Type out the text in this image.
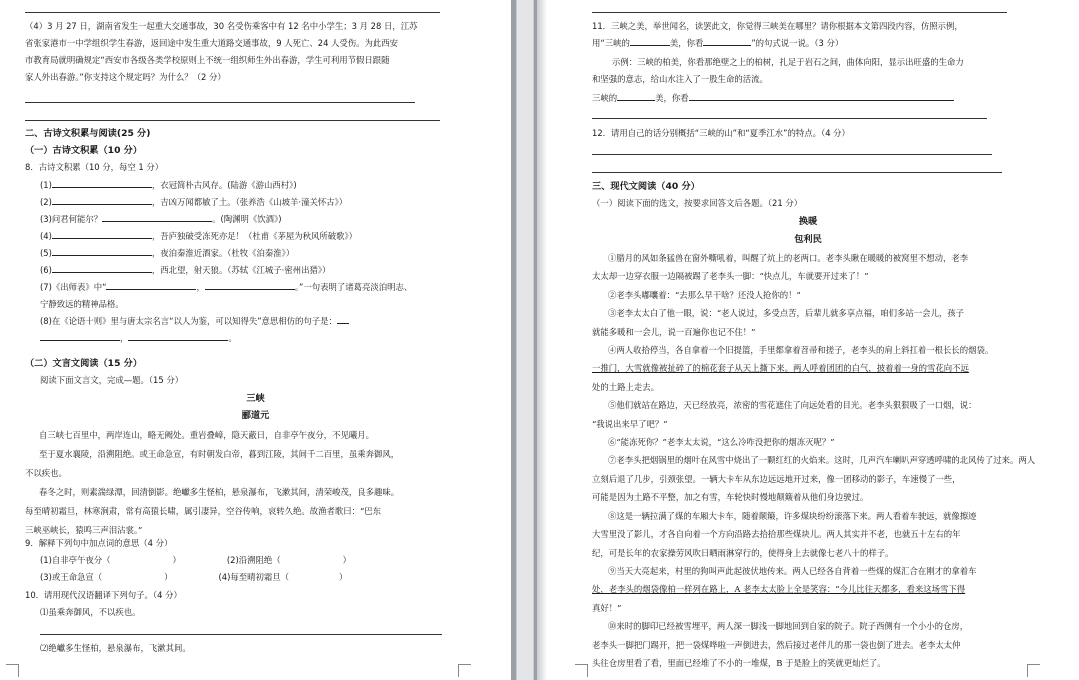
（4）3 月 27 日，湖南省发生一起重大交通事故，30 名受伤乘客中有 12 名中小学生；3 月 28 日，江苏
省张家港市一中学组织学生春游，返回途中发生重大道路交通事故，9 人死亡、24 人受伤。为此西安
市教育局就明确规定“西安市各级各类学校原则上不统一组织师生外出春游，学生可利用节假日跟随
家人外出春游。”你支持这个规定吗？为什么？（2 分）
二、古诗文积累与阅读(25 分)
（一）古诗文积累（10 分）
8．古诗文积累（10 分，每空 1 分）
(1)	，衣冠简朴古风存。(陆游《游山西村》)
(2)	，吉凶万闻都敏了土。（张养浩《山坡羊·潼关怀古》）
(3)问君何能尔？	。(陶渊明《饮酒》)
(4)	，吾庐独破受冻死亦足！（杜甫《茅屋为秋风所破歌》）
(5)	，夜泊秦淮近酒家。（杜牧《泊秦淮》）
(6)	，西北望，射天狼。（苏轼《江城子·密州出猎》）
(7)《出师表》中“	，	。”一句表明了诸葛亮淡泊明志、
宁静致远的精神品格。
(8)在《论语十则》里与唐太宗名言“以人为鉴，可以知得失”意思相仿的句子是：
，	。
（二）文言文阅读（15 分）
阅读下面文言文，完成—题。（15 分）
三峡
郦道元
自三峡七百里中，两岸连山，略无阙处。重岩叠嶂，隐天蔽日，自非亭午夜分，不见曦月。
至于夏水襄陵，沿溯阻绝。或王命急宣，有时朝发白帝，暮到江陵，其间千二百里，虽乘奔御风，
不以疾也。
春冬之时，则素湍绿潭，回清倒影。绝巘多生怪柏，悬泉瀑布，飞漱其间，清荣峻茂，良多趣味。
每至晴初霜旦，林寒涧肃，常有高猿长啸，属引凄异，空谷传响，哀转久绝。故渔者歌曰：“巴东
三峡巫峡长，猿鸣三声泪沾裳。”
9．解释下列句中加点词的意思（4 分）
(1)自非亭午夜分（	）	(2)沿溯阻绝（	）
(3)或王命急宣（	）	(4)每至晴初霜旦（	）
10．请用现代汉语翻译下列句子。（4 分）
⑴虽乘奔御风，不以疾也。
⑵绝巘多生怪柏，悬泉瀑布，飞漱其间。
11．三峡之美，举世闻名，读罢此文，你觉得三峡美在哪里？请你根据本文第四段内容，仿照示例，
用“三峡的	美，你看	”的句式说一说。（3 分）
示例：三峡的柏美，你看那绝壁之上的柏树，扎足于岩石之间，曲体向阳，显示出旺盛的生命力
和坚强的意志，给山水注入了一股生命的活流。
三峡的	美，你看
12．请用自己的话分别概括“三峡的山”和“夏季江水”的特点。（4 分）
三、现代文阅读（40 分）
（一）阅读下面的选文，按要求回答文后各题。（21 分）
换暖
包利民
①腊月的风如条猛兽在窗外嘶吼着，叫醒了炕上的老两口。老李头瞅在暖暖的被窝里不想动，老李
太太却一边穿衣服一边隔被踢了老李头一脚：“快点儿，车就要开过来了！”
②老李头嘟囔着：“去那么早干啥？还没人抢你的！”
③老李太太白了他一眼，说：“老人说过，多受点苦，后辈儿就多享点福，咱们多站一会儿，孩子
就能多暖和一会儿，说一百遍你也记不住！”
④两人收拾停当，各自拿着一个旧提篮，手里都拿着苕帚和搓子，老李头的肩上斜扛着一根长长的烟袋。
一推门，大雪就像被扯碎了的棉花套子从天上撕下来。两人呼着团团的白气，披着着一身的雪花向不远
处的土路上走去。
⑤他们就站在路边，天已经放亮，浓密的雪花遮住了向远处看的目光。老李头狠狠吸了一口烟，说：
“我说出来早了吧？”
⑥“能冻死你？”老李太太说，“这么冷咋没把你的烟冻灭呢？”
⑦老李头把烟锅里的烟叶在风雪中烧出了一颗红红的火焰来。这时，几声汽车喇叭声穿透呼啸的北风传了过来。两人
立刻后退了几步，引颈张望。一辆大卡车从东边远远地开过来，像一团移动的影子，车速慢了一些，
可能是因为土路不平整，加之有雪，车轮快时慢地颠簸着从他们身边驶过。
⑧这是一辆拉满了煤的车厢大卡车，随着颠簸，许多煤块纷纷滚落下来。两人看着车驶远，就像擦迹
大雪里没了影儿，才各自向着一个方向沿路去拾拾那些煤块儿。两人其实并不老，也就五十左右的年
纪，可是长年的农家操劳风吹日晒雨淋穿行的，使得身上去就像七老八十的样子。
⑨当天大亮起来，村里的狗叫声此起彼伏地传来。两人已经各自背着一些煤的煤汇合在刚才的拿着车
处，老李头的烟袋像柏一样列在路上，A 老李太太脸上全是笑容：“今儿比往天都多，看来这场雪下得
真好！”
⑩来时的脚印已经被雪埋平，两人深一脚浅一脚地回到自家的院子。院子西侧有一个小小的仓房，
老李头一脚把门踢开，把一袋煤哗啦一声倒进去，然后接过老伴儿的那一袋也倒了进去。老李太太仲
头往仓房里看了看，里面已经堆了不小的一堆煤，B 于是脸上的笑就更灿烂了。
